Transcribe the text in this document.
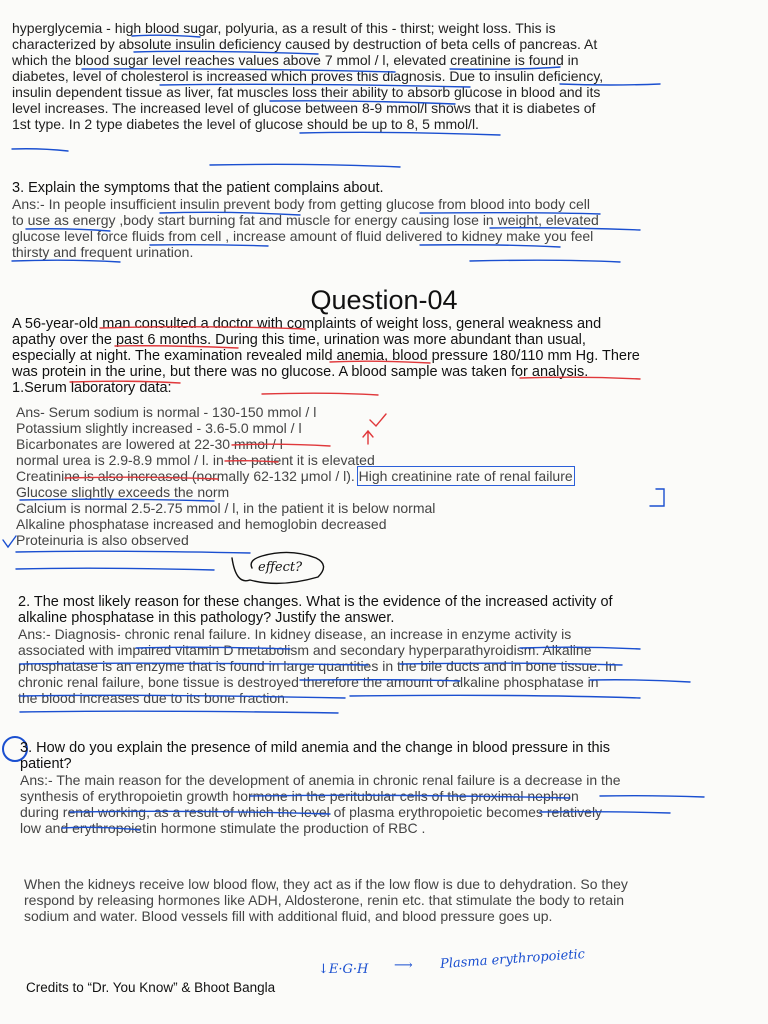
hyperglycemia - high blood sugar, polyuria, as a result of this - thirst; weight loss. This is
characterized by absolute insulin deficiency caused by destruction of beta cells of pancreas. At
which the blood sugar level reaches values above 7 mmol / l, elevated creatinine is found in
diabetes, level of cholesterol is increased which proves this diagnosis. Due to insulin deficiency,
insulin dependent tissue as liver, fat muscles loss their ability to absorb glucose in blood and its
level increases. The increased level of glucose between 8-9 mmol/l shows that it is diabetes of
1st type. In 2 type diabetes the level of glucose should be up to 8, 5 mmol/l.
3. Explain the symptoms that the patient complains about.
Ans:- In people insufficient insulin prevent body from getting glucose from blood into body cell
to use as energy ,body start burning fat and muscle for energy causing lose in weight, elevated
glucose level force fluids from cell , increase amount of fluid delivered to kidney make you feel
thirsty and frequent urination.
Question-04
A 56-year-old man consulted a doctor with complaints of weight loss, general weakness and
apathy over the past 6 months. During this time, urination was more abundant than usual,
especially at night. The examination revealed mild anemia, blood pressure 180/110 mm Hg. There
was protein in the urine, but there was no glucose. A blood sample was taken for analysis.
1.Serum laboratory data:
Ans- Serum sodium is normal - 130-150 mmol / l
Potassium slightly increased - 3.6-5.0 mmol / l
Bicarbonates are lowered at 22-30 mmol / l
normal urea is 2.9-8.9 mmol / l. in the patient it is elevated
Creatinine is also increased (normally 62-132 μmol / l). High creatinine rate of renal failure
Glucose slightly exceeds the norm
Calcium is normal 2.5-2.75 mmol / l, in the patient it is below normal
Alkaline phosphatase increased and hemoglobin decreased
Proteinuria is also observed
2. The most likely reason for these changes. What is the evidence of the increased activity of
alkaline phosphatase in this pathology? Justify the answer.
Ans:- Diagnosis- chronic renal failure. In kidney disease, an increase in enzyme activity is
associated with impaired vitamin D metabolism and secondary hyperparathyroidism. Alkaline
phosphatase is an enzyme that is found in large quantities in the bile ducts and in bone tissue. In
chronic renal failure, bone tissue is destroyed therefore the amount of alkaline phosphatase in
the blood increases due to its bone fraction.
3. How do you explain the presence of mild anemia and the change in blood pressure in this
patient?
Ans:- The main reason for the development of anemia in chronic renal failure is a decrease in the
synthesis of erythropoietin growth hormone in the peritubular cells of the proximal nephron
during renal working, as a result of which the level of plasma erythropoietic becomes relatively
low and erythropoietin hormone stimulate the production of RBC .
When the kidneys receive low blood flow, they act as if the low flow is due to dehydration. So they
respond by releasing hormones like ADH, Aldosterone, renin etc. that stimulate the body to retain
sodium and water. Blood vessels fill with additional fluid, and blood pressure goes up.
effect?
↓E·G·H ⟶ Plasma erythropoietic
Credits to “Dr. You Know” & Bhoot Bangla
